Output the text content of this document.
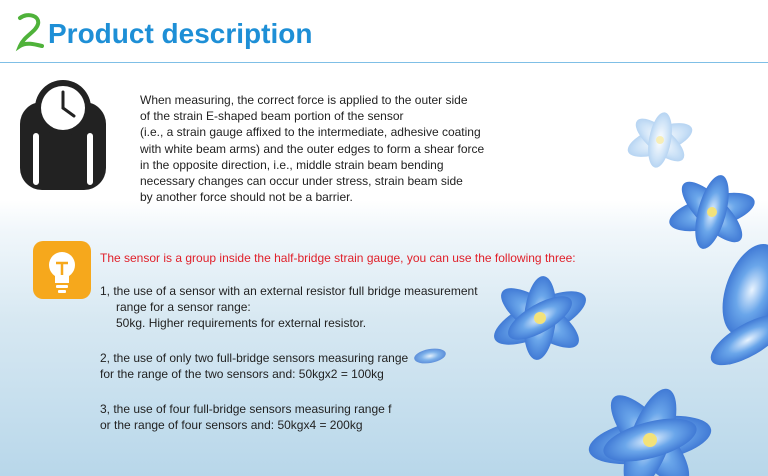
Product description
When measuring, the correct force is applied to the outer side
of the strain E-shaped beam portion of the sensor
(i.e., a strain gauge affixed to the intermediate, adhesive coating
with white beam arms) and the outer edges to form a shear force
in the opposite direction, i.e., middle strain beam bending
necessary changes can occur under stress, strain beam side
by another force should not be a barrier.
The sensor is a group inside the half-bridge strain gauge, you can use the following three:
1, the use of a sensor with an external resistor full bridge measurement
range for a sensor range:
50kg. Higher requirements for external resistor.
2, the use of only two full-bridge sensors measuring range
for the range of the two sensors and: 50kgx2 = 100kg
3, the use of four full-bridge sensors measuring range f
or the range of four sensors and: 50kgx4 = 200kg
